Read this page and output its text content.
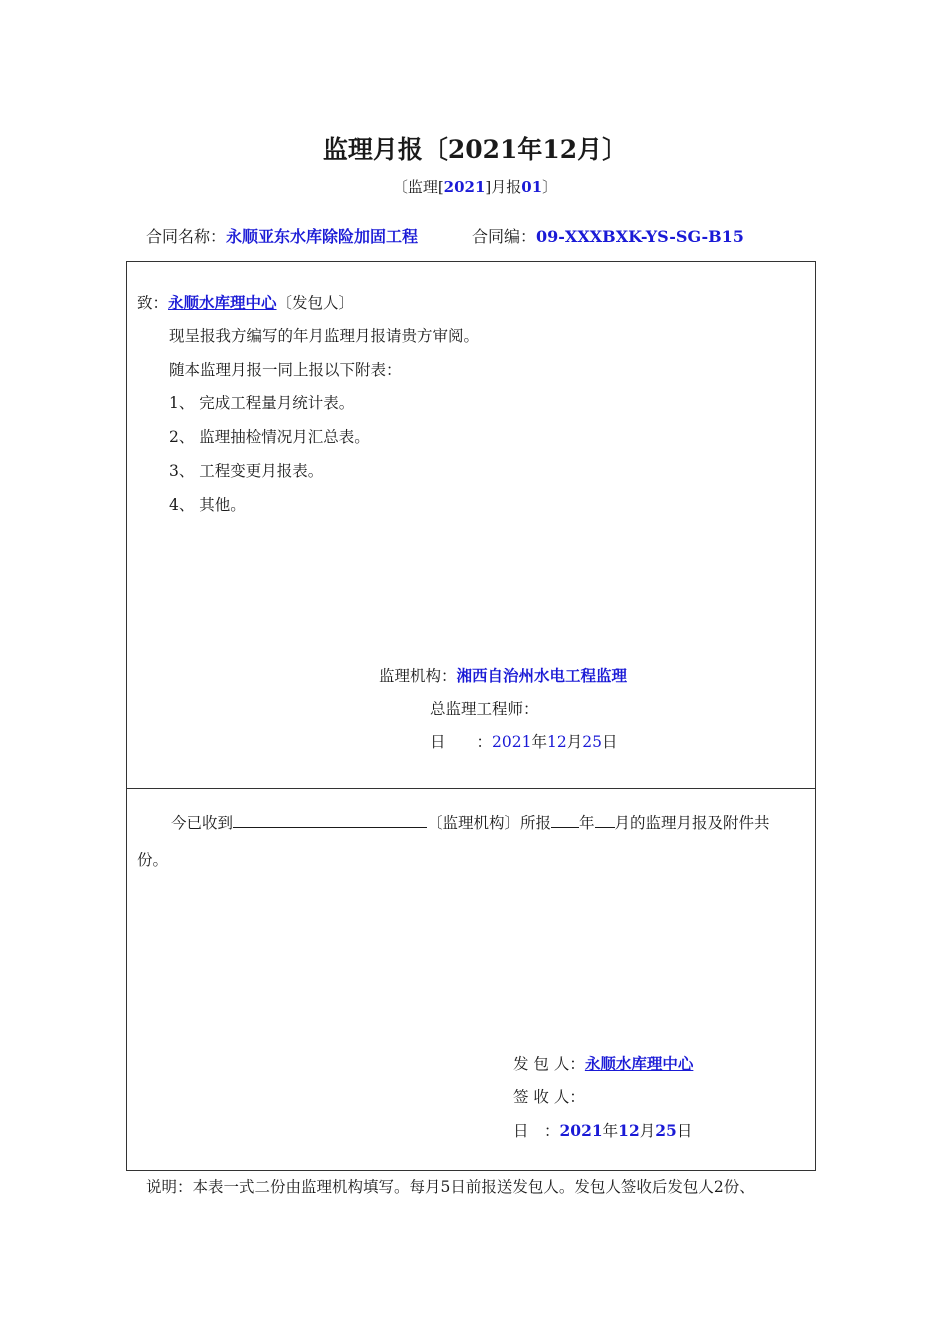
监理月报〔2021年12月〕
〔监理[2021]月报01〕
合同名称：永顺亚东水库除险加固工程	合同编：09-XXXBXK-YS-SG-B15
致：永顺水库理中心〔发包人〕
现呈报我方编写的年月监理月报请贵方审阅。
随本监理月报一同上报以下附表：
1、 完成工程量月统计表。
2、 监理抽检情况月汇总表。
3、 工程变更月报表。
4、 其他。
监理机构：湘西自治州水电工程监理
总监理工程师：
日　　：2021年12月25日
今已收到	〔监理机构〕所报 年 月的监理月报及附件共
份。
发 包 人：永顺水库理中心
签 收 人：
日　：2021年12月25日
说明：本表一式二份由监理机构填写。每月5日前报送发包人。发包人签收后发包人2份、
